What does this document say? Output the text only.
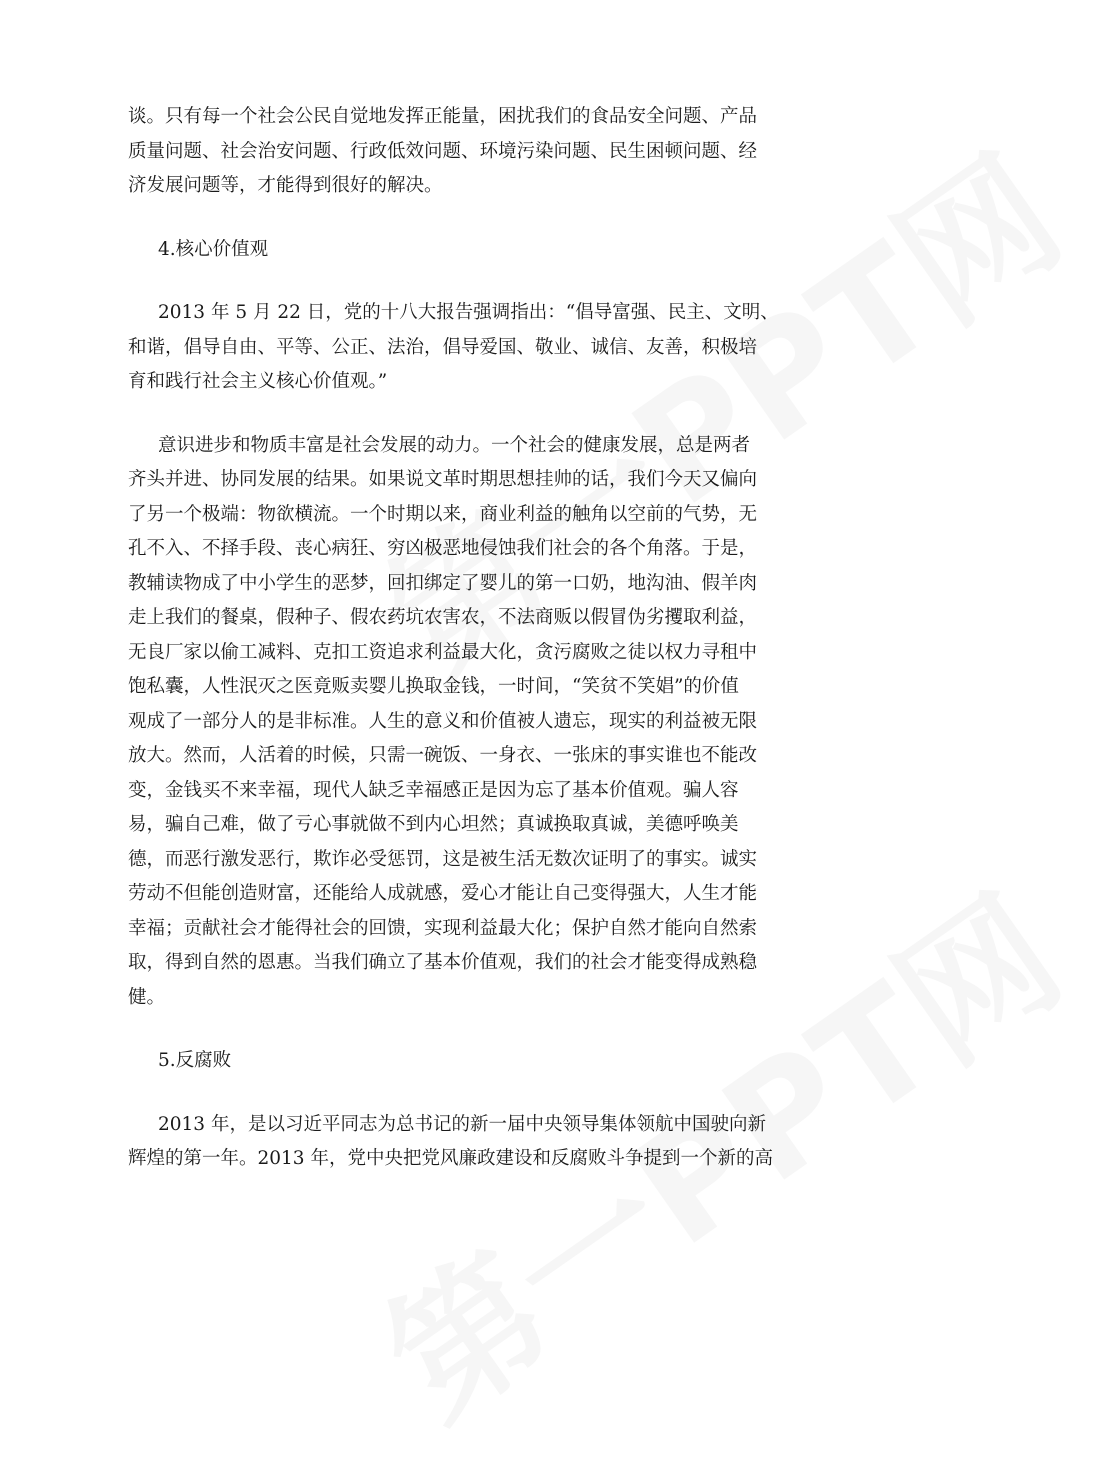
谈。只有每一个社会公民自觉地发挥正能量，困扰我们的食品安全问题、产品
质量问题、社会治安问题、行政低效问题、环境污染问题、民生困顿问题、经
济发展问题等，才能得到很好的解决。
4.核心价值观
2013 年 5 月 22 日，党的十八大报告强调指出：“倡导富强、民主、文明、
和谐，倡导自由、平等、公正、法治，倡导爱国、敬业、诚信、友善，积极培
育和践行社会主义核心价值观。”
意识进步和物质丰富是社会发展的动力。一个社会的健康发展，总是两者
齐头并进、协同发展的结果。如果说文革时期思想挂帅的话，我们今天又偏向
了另一个极端：物欲横流。一个时期以来，商业利益的触角以空前的气势，无
孔不入、不择手段、丧心病狂、穷凶极恶地侵蚀我们社会的各个角落。于是，
教辅读物成了中小学生的恶梦，回扣绑定了婴儿的第一口奶，地沟油、假羊肉
走上我们的餐桌，假种子、假农药坑农害农，不法商贩以假冒伪劣攫取利益，
无良厂家以偷工减料、克扣工资追求利益最大化，贪污腐败之徒以权力寻租中
饱私囊，人性泯灭之医竟贩卖婴儿换取金钱，一时间，“笑贫不笑娼”的价值
观成了一部分人的是非标准。人生的意义和价值被人遗忘，现实的利益被无限
放大。然而，人活着的时候，只需一碗饭、一身衣、一张床的事实谁也不能改
变，金钱买不来幸福，现代人缺乏幸福感正是因为忘了基本价值观。骗人容
易，骗自己难，做了亏心事就做不到内心坦然；真诚换取真诚，美德呼唤美
德，而恶行激发恶行，欺诈必受惩罚，这是被生活无数次证明了的事实。诚实
劳动不但能创造财富，还能给人成就感，爱心才能让自己变得强大，人生才能
幸福；贡献社会才能得社会的回馈，实现利益最大化；保护自然才能向自然索
取，得到自然的恩惠。当我们确立了基本价值观，我们的社会才能变得成熟稳
健。
5.反腐败
2013 年，是以习近平同志为总书记的新一届中央领导集体领航中国驶向新
辉煌的第一年。2013 年，党中央把党风廉政建设和反腐败斗争提到一个新的高
